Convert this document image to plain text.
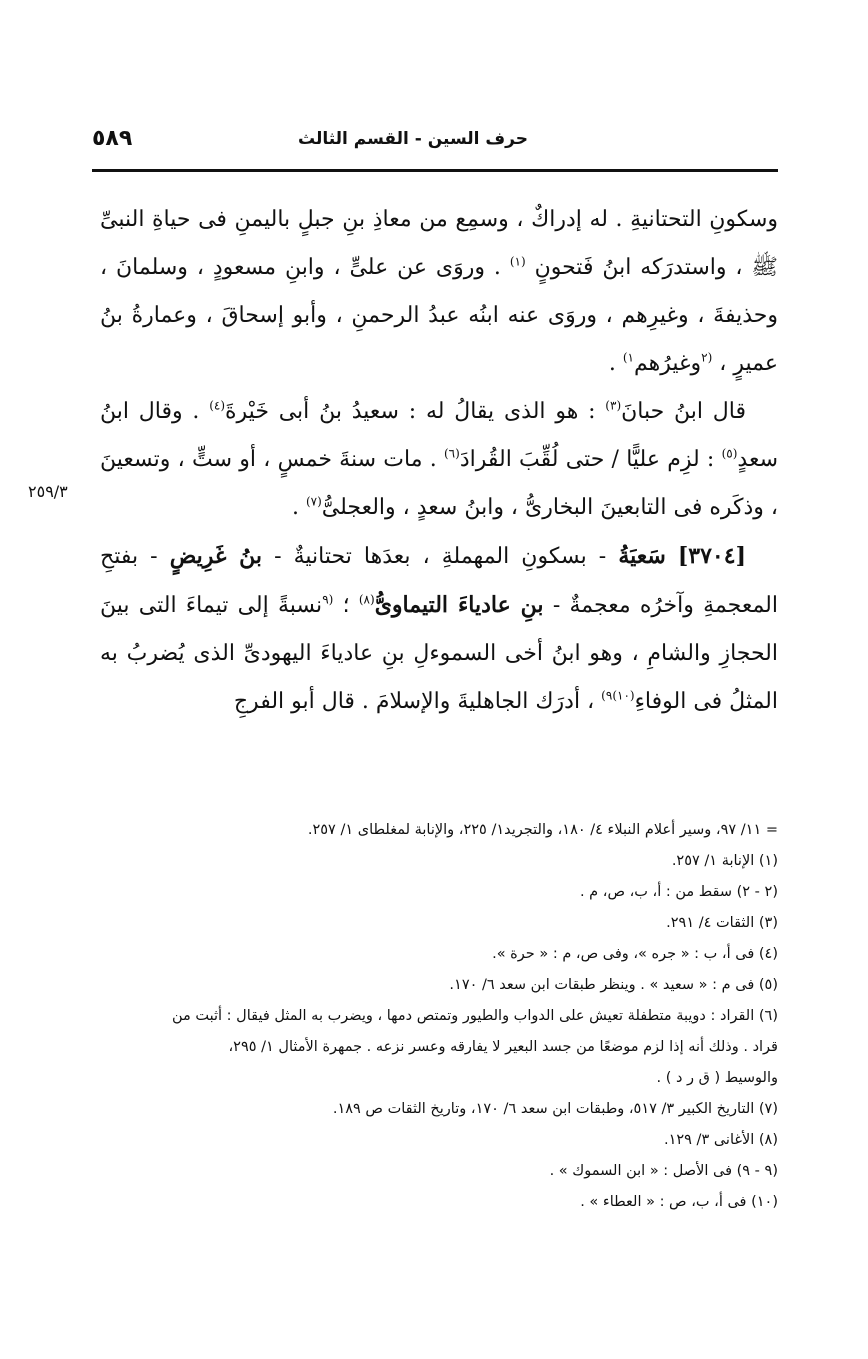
حرف السين - القسم الثالث
٥٨٩
٢٥٩/٣

وسكونِ التحتانيةِ . له إدراكٌ ، وسمِع من معاذِ بنِ جبلٍ باليمنِ فى حياةِ النبىِّ ﷺ ، واستدرَكه ابنُ فَتحونٍ $^{(١)}$ . وروَى عن علىٍّ ، وابنِ مسعودٍ ، وسلمانَ ، وحذيفةَ ، وغيرِهم ، وروَى عنه ابنُه عبدُ الرحمنِ ، وأبو إسحاقَ ، وعمارةُ بنُ عميرٍ ، $^{(٢}$وغيرُهم$^{١)}$ .

قال ابنُ حبانَ$^{(٣)}$ : هو الذى يقالُ له : سعيدُ بنُ أبى خَيْرةَ$^{(٤)}$ . وقال ابنُ سعدٍ$^{(٥)}$ : لزِم عليًّا / حتى لُقِّبَ القُرادَ$^{(٦)}$ . مات سنةَ خمسٍ ، أو ستٍّ ، وتسعينَ ، وذكَره فى التابعينَ البخارىُّ ، وابنُ سعدٍ ، والعجلىُّ$^{(٧)}$ .

[٣٧٠٤] سَعيَةُ - بسكونِ المهملةِ ، بعدَها تحتانيةٌ - بنُ غَرِيضٍ - بفتحِ المعجمةِ وآخرُه معجمةٌ - بنِ عادياءَ التيماوىُّ$^{(٨)}$ ؛ $^{(٩}$نسبةً إلى تيماءَ التى بينَ الحجازِ والشامِ ، وهو ابنُ أخى السموءلِ بنِ عادياءَ اليهودىِّ الذى يُضربُ به المثلُ فى الوفاءِ$^{(١٠)٩)}$ ، أدرَك الجاهليةَ والإسلامَ . قال أبو الفرجِ

= ١١/ ٩٧، وسير أعلام النبلاء ٤/ ١٨٠، والتجريد١/ ٢٢٥، والإنابة لمغلطاى ١/ ٢٥٧.

(١) الإنابة ١/ ٢٥٧.

(٢ - ٢) سقط من : أ، ب، ص، م .

(٣) الثقات ٤/ ٢٩١.

(٤) فى أ، ب : « جره »، وفى ص، م : « حرة ».

(٥) فى م : « سعيد » . وينظر طبقات ابن سعد ٦/ ١٧٠.

(٦) القراد : دويبة متطفلة تعيش على الدواب والطيور وتمتص دمها ، ويضرب به المثل فيقال : أثبت من

قراد . وذلك أنه إذا لزم موضعًا من جسد البعير لا يفارقه وعسر نزعه . جمهرة الأمثال ١/ ٢٩٥،

والوسيط ( ق ر د ) .

(٧) التاريخ الكبير ٣/ ٥١٧، وطبقات ابن سعد ٦/ ١٧٠، وتاريخ الثقات ص ١٨٩.

(٨) الأغانى ٣/ ١٢٩.

(٩ - ٩) فى الأصل : « ابن السموك » .

(١٠) فى أ، ب، ص : « العطاء » .
